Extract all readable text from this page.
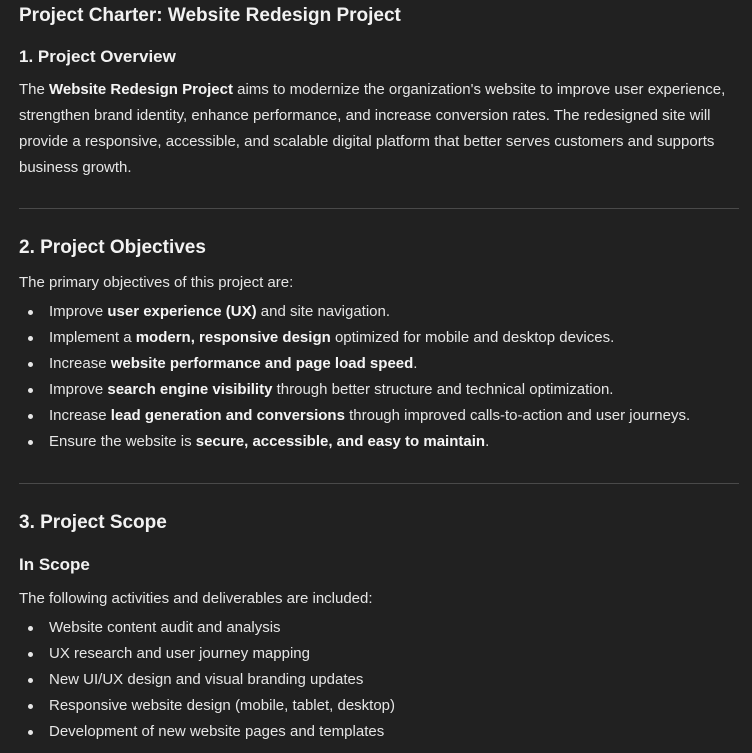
Project Charter: Website Redesign Project
1. Project Overview

The Website Redesign Project aims to modernize the organization's website to improve user experience, strengthen brand identity, enhance performance, and increase conversion rates. The redesigned site will provide a responsive, accessible, and scalable digital platform that better serves customers and supports business growth.

2. Project Objectives

The primary objectives of this project are:

Improve user experience (UX) and site navigation.
Implement a modern, responsive design optimized for mobile and desktop devices.
Increase website performance and page load speed.
Improve search engine visibility through better structure and technical optimization.
Increase lead generation and conversions through improved calls-to-action and user journeys.
Ensure the website is secure, accessible, and easy to maintain.
3. Project Scope
In Scope

The following activities and deliverables are included:

Website content audit and analysis
UX research and user journey mapping
New UI/UX design and visual branding updates
Responsive website design (mobile, tablet, desktop)
Development of new website pages and templates
